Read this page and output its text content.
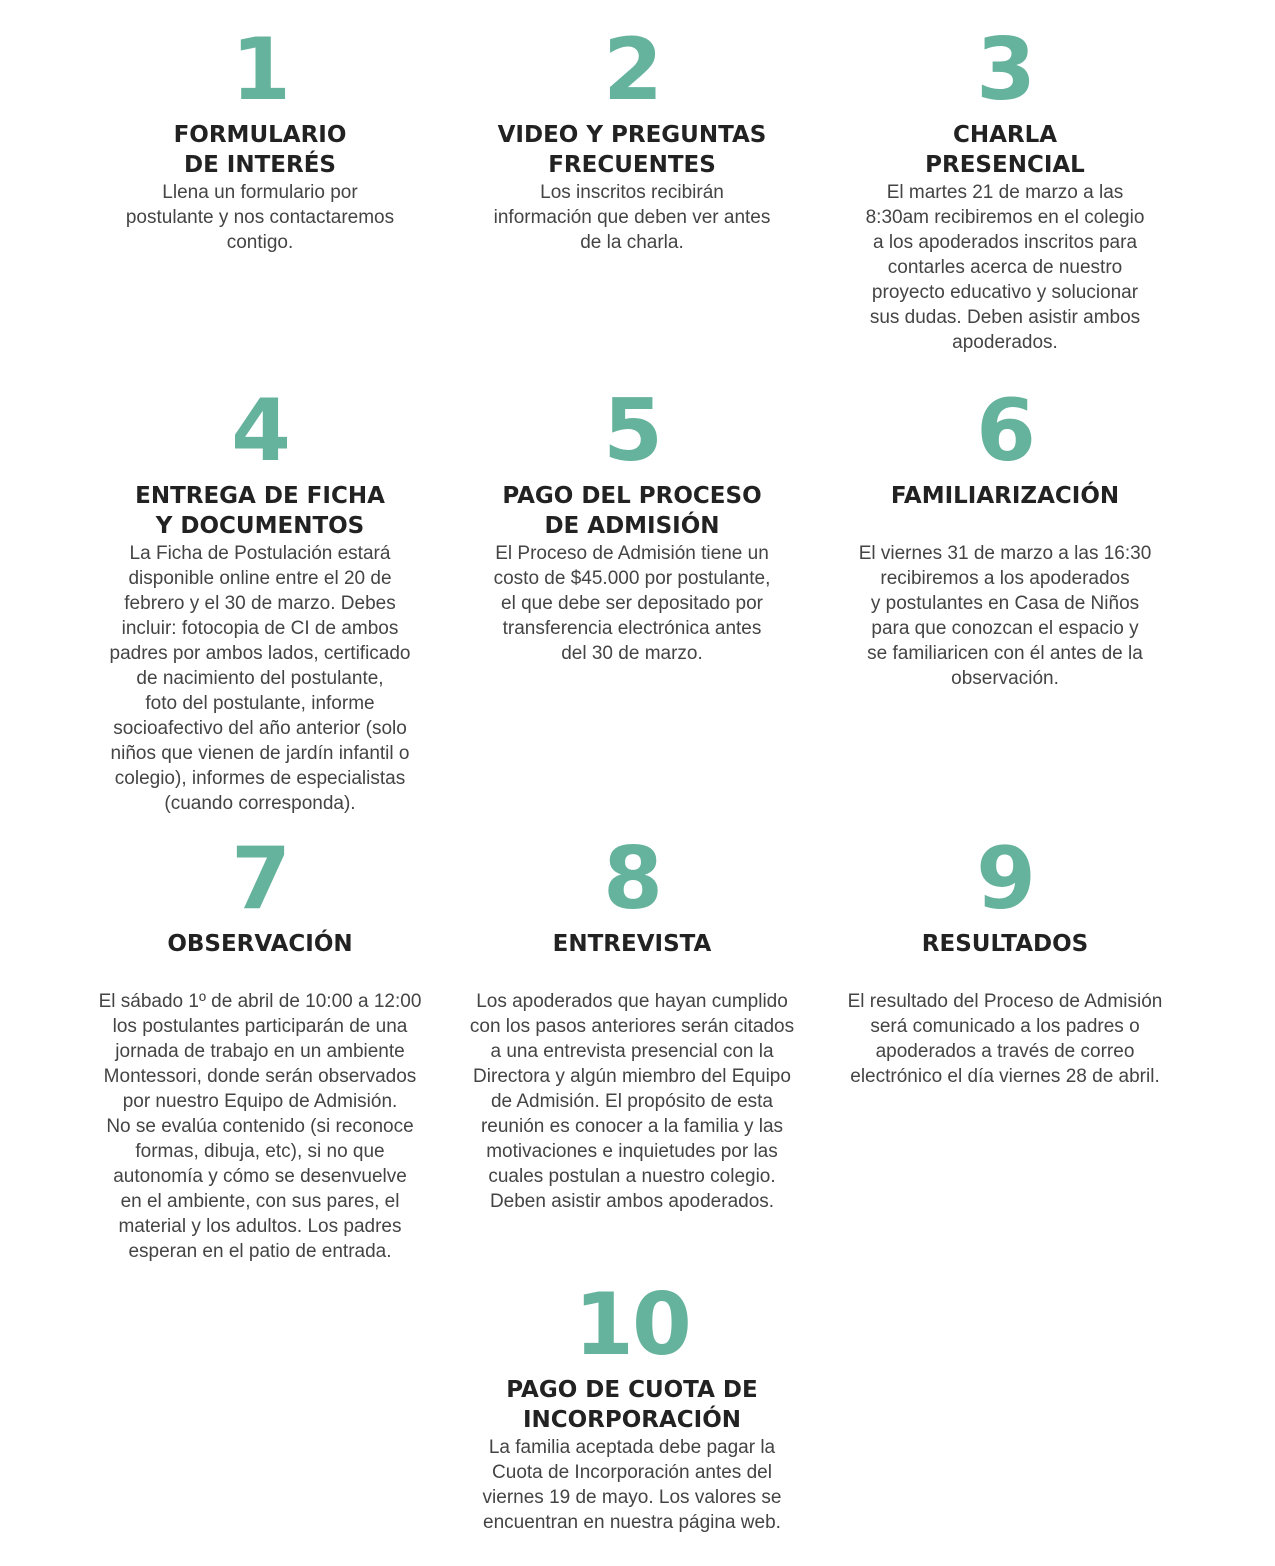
1
FORMULARIO
DE INTERÉS
Llena un formulario por
postulante y nos contactaremos
contigo.
2
VIDEO Y PREGUNTAS
FRECUENTES
Los inscritos recibirán
información que deben ver antes
de la charla.
3
CHARLA
PRESENCIAL
El martes 21 de marzo a las
8:30am recibiremos en el colegio
a los apoderados inscritos para
contarles acerca de nuestro
proyecto educativo y solucionar
sus dudas. Deben asistir ambos
apoderados.
4
ENTREGA DE FICHA
Y DOCUMENTOS
La Ficha de Postulación estará
disponible online entre el 20 de
febrero y el 30 de marzo. Debes
incluir: fotocopia de CI de ambos
padres por ambos lados, certificado
de nacimiento del postulante,
foto del postulante, informe
socioafectivo del año anterior (solo
niños que vienen de jardín infantil o
colegio), informes de especialistas
(cuando corresponda).
5
PAGO DEL PROCESO
DE ADMISIÓN
El Proceso de Admisión tiene un
costo de $45.000 por postulante,
el que debe ser depositado por
transferencia electrónica antes
del 30 de marzo.
6
FAMILIARIZACIÓN
El viernes 31 de marzo a las 16:30
recibiremos a los apoderados
y postulantes en Casa de Niños
para que conozcan el espacio y
se familiaricen con él antes de la
observación.
7
OBSERVACIÓN
El sábado 1º de abril de 10:00 a 12:00
los postulantes participarán de una
jornada de trabajo en un ambiente
Montessori, donde serán observados
por nuestro Equipo de Admisión.
No se evalúa contenido (si reconoce
formas, dibuja, etc), si no que
autonomía y cómo se desenvuelve
en el ambiente, con sus pares, el
material y los adultos. Los padres
esperan en el patio de entrada.
8
ENTREVISTA
Los apoderados que hayan cumplido
con los pasos anteriores serán citados
a una entrevista presencial con la
Directora y algún miembro del Equipo
de Admisión. El propósito de esta
reunión es conocer a la familia y las
motivaciones e inquietudes por las
cuales postulan a nuestro colegio.
Deben asistir ambos apoderados.
9
RESULTADOS
El resultado del Proceso de Admisión
será comunicado a los padres o
apoderados a través de correo
electrónico el día viernes 28 de abril.
10
PAGO DE CUOTA DE
INCORPORACIÓN
La familia aceptada debe pagar la
Cuota de Incorporación antes del
viernes 19 de mayo. Los valores se
encuentran en nuestra página web.
